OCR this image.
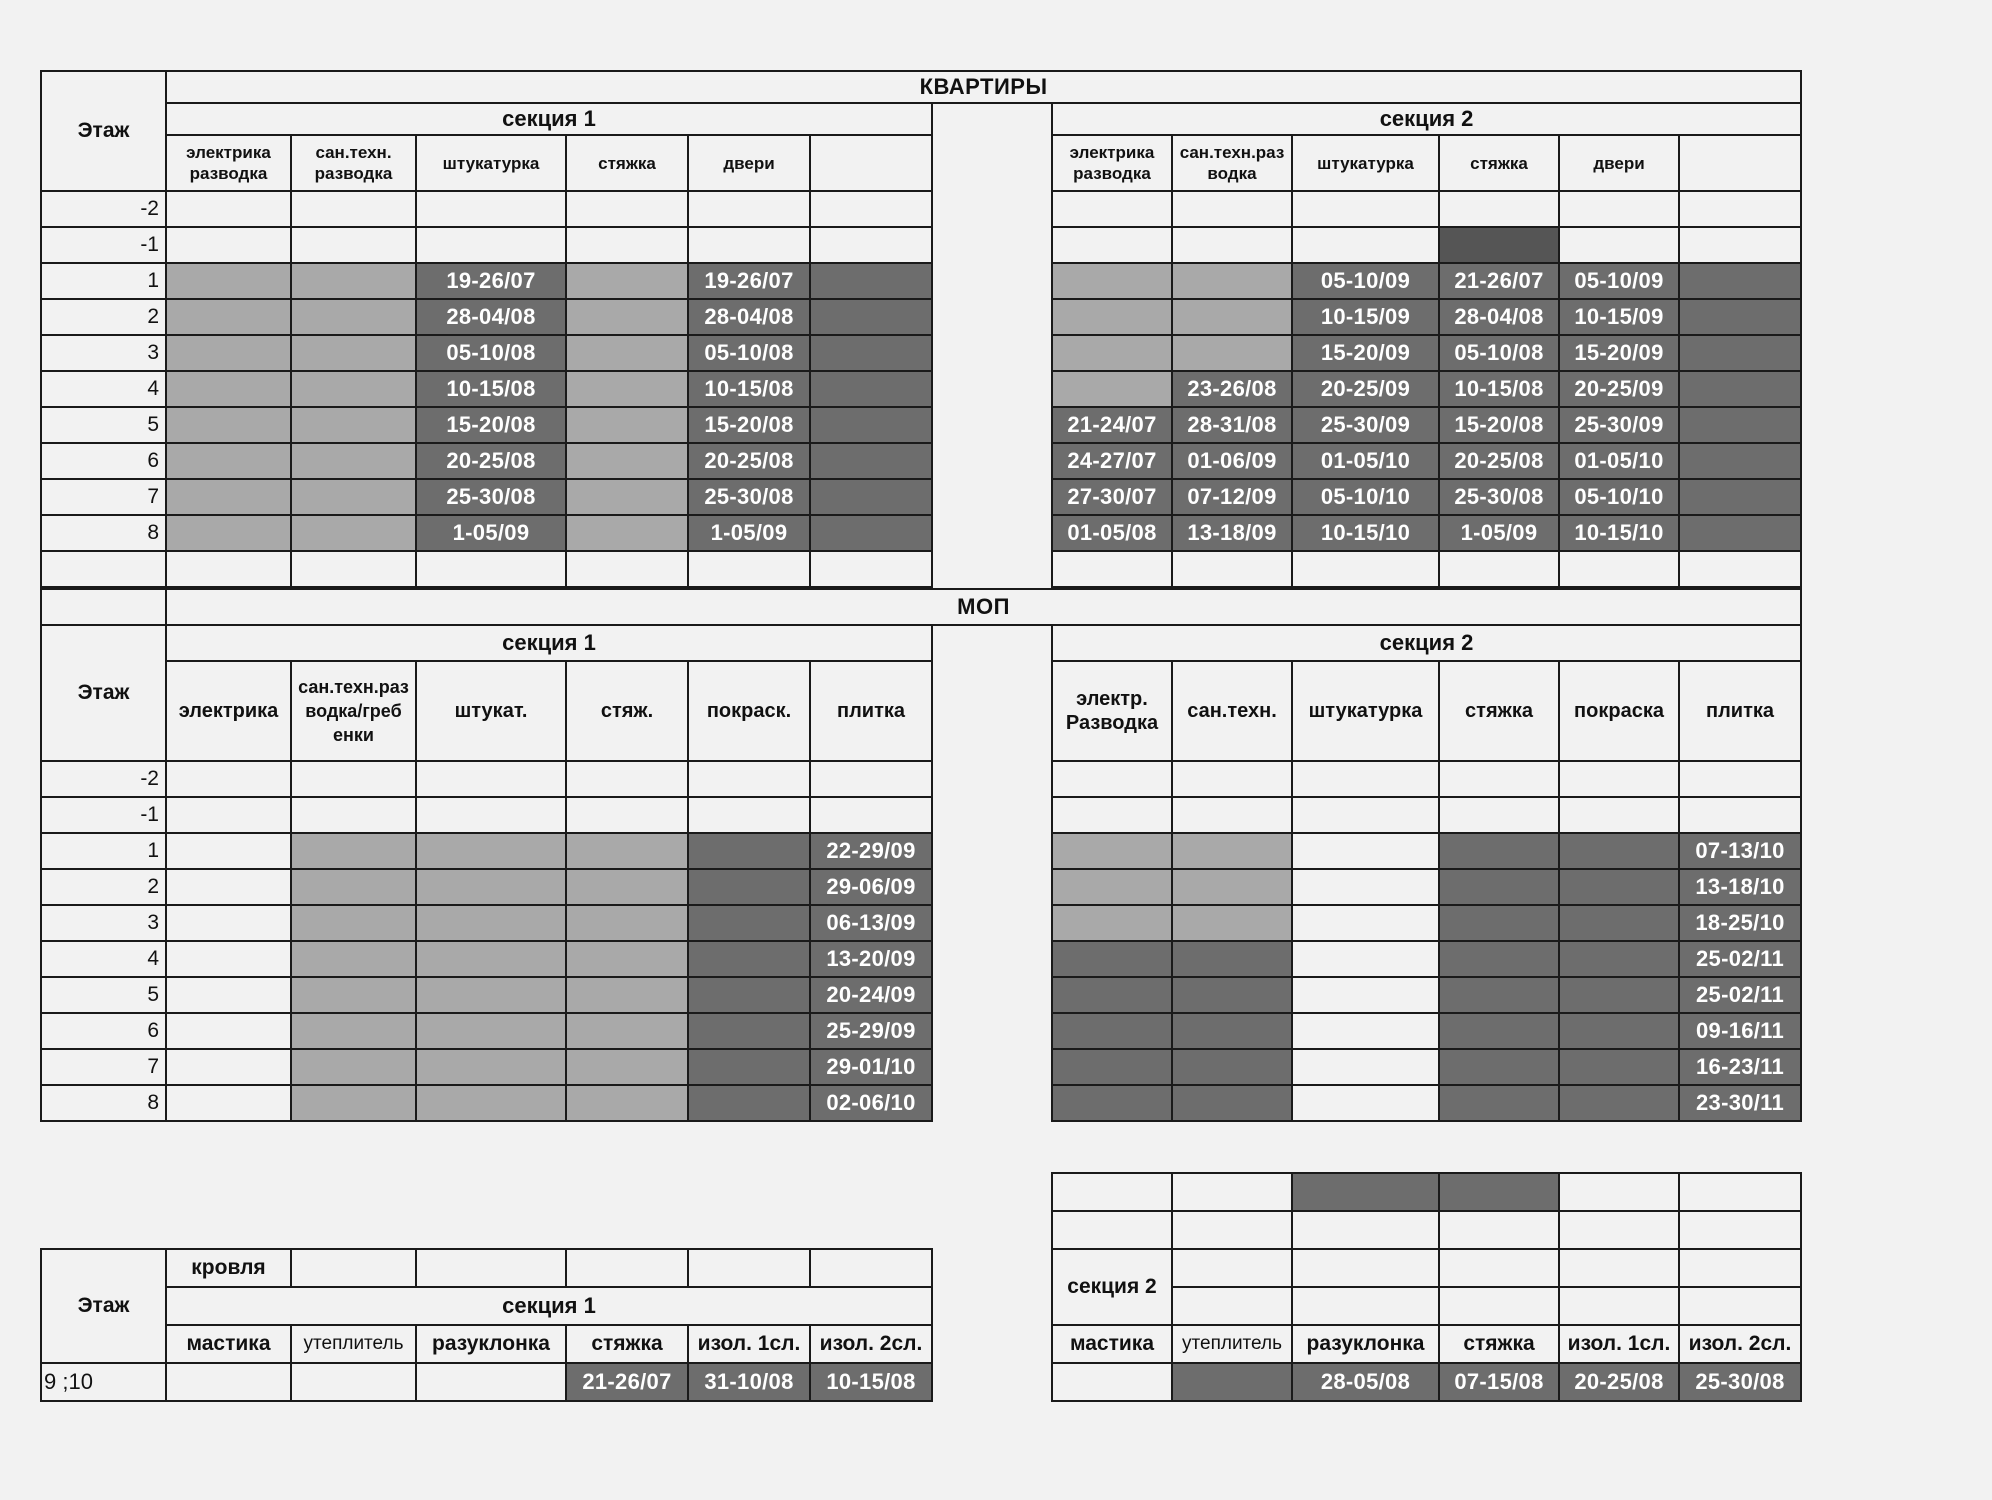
Этаж	КВАРТИРЫ												
	секция 1							секция 2					
	электрика разводка	сан.техн. разводка	штукатурка	стяжка	двери			электрика разводка	сан.техн.раз водка	штукатурка	стяжка	двери	
-2													
-1													
1			19-26/07		19-26/07					05-10/09	21-26/07	05-10/09	
2			28-04/08		28-04/08					10-15/09	28-04/08	10-15/09	
3			05-10/08		05-10/08					15-20/09	05-10/08	15-20/09	
4			10-15/08		10-15/08				23-26/08	20-25/09	10-15/08	20-25/09	
5			15-20/08		15-20/08			21-24/07	28-31/08	25-30/09	15-20/08	25-30/09	
6			20-25/08		20-25/08			24-27/07	01-06/09	01-05/10	20-25/08	01-05/10	
7			25-30/08		25-30/08			27-30/07	07-12/09	05-10/10	25-30/08	05-10/10	
8			1-05/09		1-05/09			01-05/08	13-18/09	10-15/10	1-05/09	10-15/10	

	МОП												
Этаж	секция 1							секция 2					
	электрика	сан.техн.раз водка/греб енки	штукат.	стяж.	покраск.	плитка		электр. Разводка	сан.техн.	штукатурка	стяжка	покраска	плитка
-2													
-1													
1						22-29/09							07-13/10
2						29-06/09							13-18/10
3						06-13/09							18-25/10
4						13-20/09							25-02/11
5						20-24/09							25-02/11
6						25-29/09							09-16/11
7						29-01/10							16-23/11
8						02-06/10							23-30/11

Этаж	кровля							секция 2					
	секция 1												
	мастика	утеплитель	разуклонка	стяжка	изол. 1сл.	изол. 2сл.		мастика	утеплитель	разуклонка	стяжка	изол. 1сл.	изол. 2сл.
9 ;10				21-26/07	31-10/08	10-15/08				28-05/08	07-15/08	20-25/08	25-30/08
